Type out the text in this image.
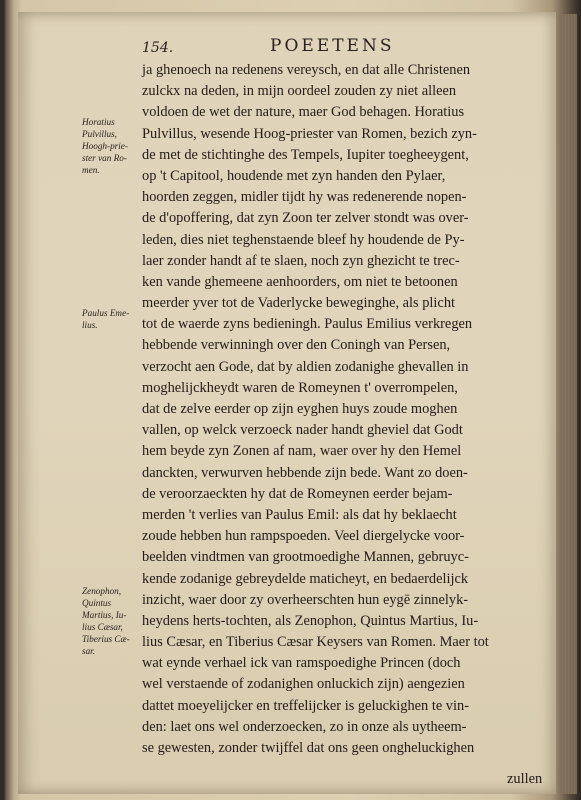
154.	POEETENS
Horatius
Pulvillus,
Hoogh-prie-
ster van Ro-
men.
Paulus Eme-
lius.
Zenophon,
Quintus
Martius, Iu-
lius Cæsar,
Tiberius Cæ-
sar.
ja ghenoech na redenens vereysch, en dat alle Christenen
zulckx na deden, in mijn oordeel zouden zy niet alleen
voldoen de wet der nature, maer God behagen. Horatius
Pulvillus, wesende Hoog-priester van Romen, bezich zyn-
de met de stichtinghe des Tempels, Iupiter toegheeygent,
op 't Capitool, houdende met zyn handen den Pylaer,
hoorden zeggen, midler tijdt hy was redenerende nopen-
de d'opoffering, dat zyn Zoon ter zelver stondt was over-
leden, dies niet teghenstaende bleef hy houdende de Py-
laer zonder handt af te slaen, noch zyn ghezicht te trec-
ken vande ghemeene aenhoorders, om niet te betoonen
meerder yver tot de Vaderlycke beweginghe, als plicht
tot de waerde zyns bedieningh. Paulus Emilius verkregen
hebbende verwinningh over den Coningh van Persen,
verzocht aen Gode, dat by aldien zodanighe ghevallen in
moghelijckheydt waren de Romeynen t' overrompelen,
dat de zelve eerder op zijn eyghen huys zoude moghen
vallen, op welck verzoeck nader handt gheviel dat Godt
hem beyde zyn Zonen af nam, waer over hy den Hemel
danckten, verwurven hebbende zijn bede. Want zo doen-
de veroorzaeckten hy dat de Romeynen eerder bejam-
merden 't verlies van Paulus Emil: als dat hy beklaecht
zoude hebben hun rampspoeden. Veel diergelycke voor-
beelden vindtmen van grootmoedighe Mannen, gebruyc-
kende zodanige gebreydelde maticheyt, en bedaerdelijck
inzicht, waer door zy overheerschten hun eygē zinnelyk-
heydens herts-tochten, als Zenophon, Quintus Martius, Iu-
lius Cæsar, en Tiberius Cæsar Keysers van Romen. Maer tot
wat eynde verhael ick van ramspoedighe Princen (doch
wel verstaende of zodanighen onluckich zijn) aengezien
dattet moeyelijcker en treffelijcker is geluckighen te vin-
den: laet ons wel onderzoecken, zo in onze als uytheem-
se gewesten, zonder twijffel dat ons geen ongheluckighen
zullen
